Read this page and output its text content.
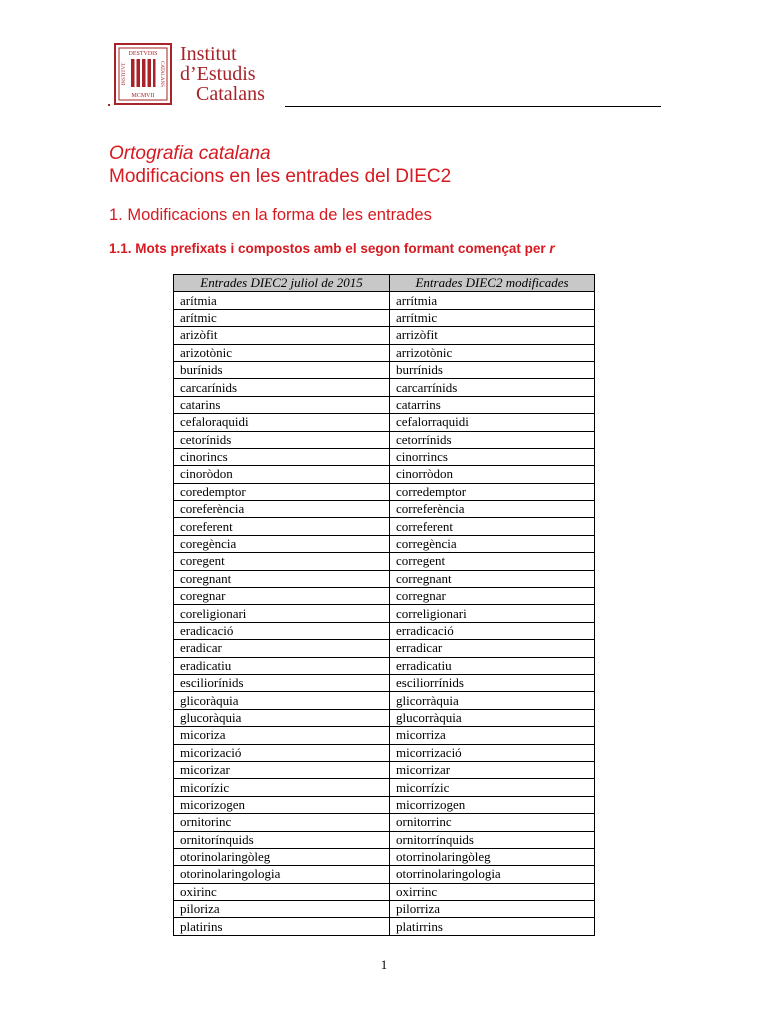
DESTVDIS
MCMVII
INSTITVT	CATALANS
Institut
d’Estudis
Catalans
Ortografia catalana
Modificacions en les entrades del DIEC2
1. Modificacions en la forma de les entrades
1.1. Mots prefixats i compostos amb el segon formant començat per r
Entrades DIEC2 juliol de 2015	Entrades DIEC2 modificades
arítmia	arrítmia
arítmic	arrítmic
arizòfit	arrizòfit
arizotònic	arrizotònic
burínids	burrínids
carcarínids	carcarrínids
catarins	catarrins
cefaloraquidi	cefalorraquidi
cetorínids	cetorrínids
cinorincs	cinorrincs
cinoròdon	cinorròdon
coredemptor	corredemptor
coreferència	correferència
coreferent	correferent
coregència	corregència
coregent	corregent
coregnant	corregnant
coregnar	corregnar
coreligionari	correligionari
eradicació	erradicació
eradicar	erradicar
eradicatiu	erradicatiu
esciliorínids	esciliorrínids
glicoràquia	glicorràquia
glucoràquia	glucorràquia
micoriza	micorriza
micorizació	micorrizació
micorizar	micorrizar
micorízic	micorrízic
micorizogen	micorrizogen
ornitorinc	ornitorrinc
ornitorínquids	ornitorrínquids
otorinolaringòleg	otorrinolaringòleg
otorinolaringologia	otorrinolaringologia
oxirinc	oxirrinc
piloriza	pilorriza
platirins	platirrins
1
